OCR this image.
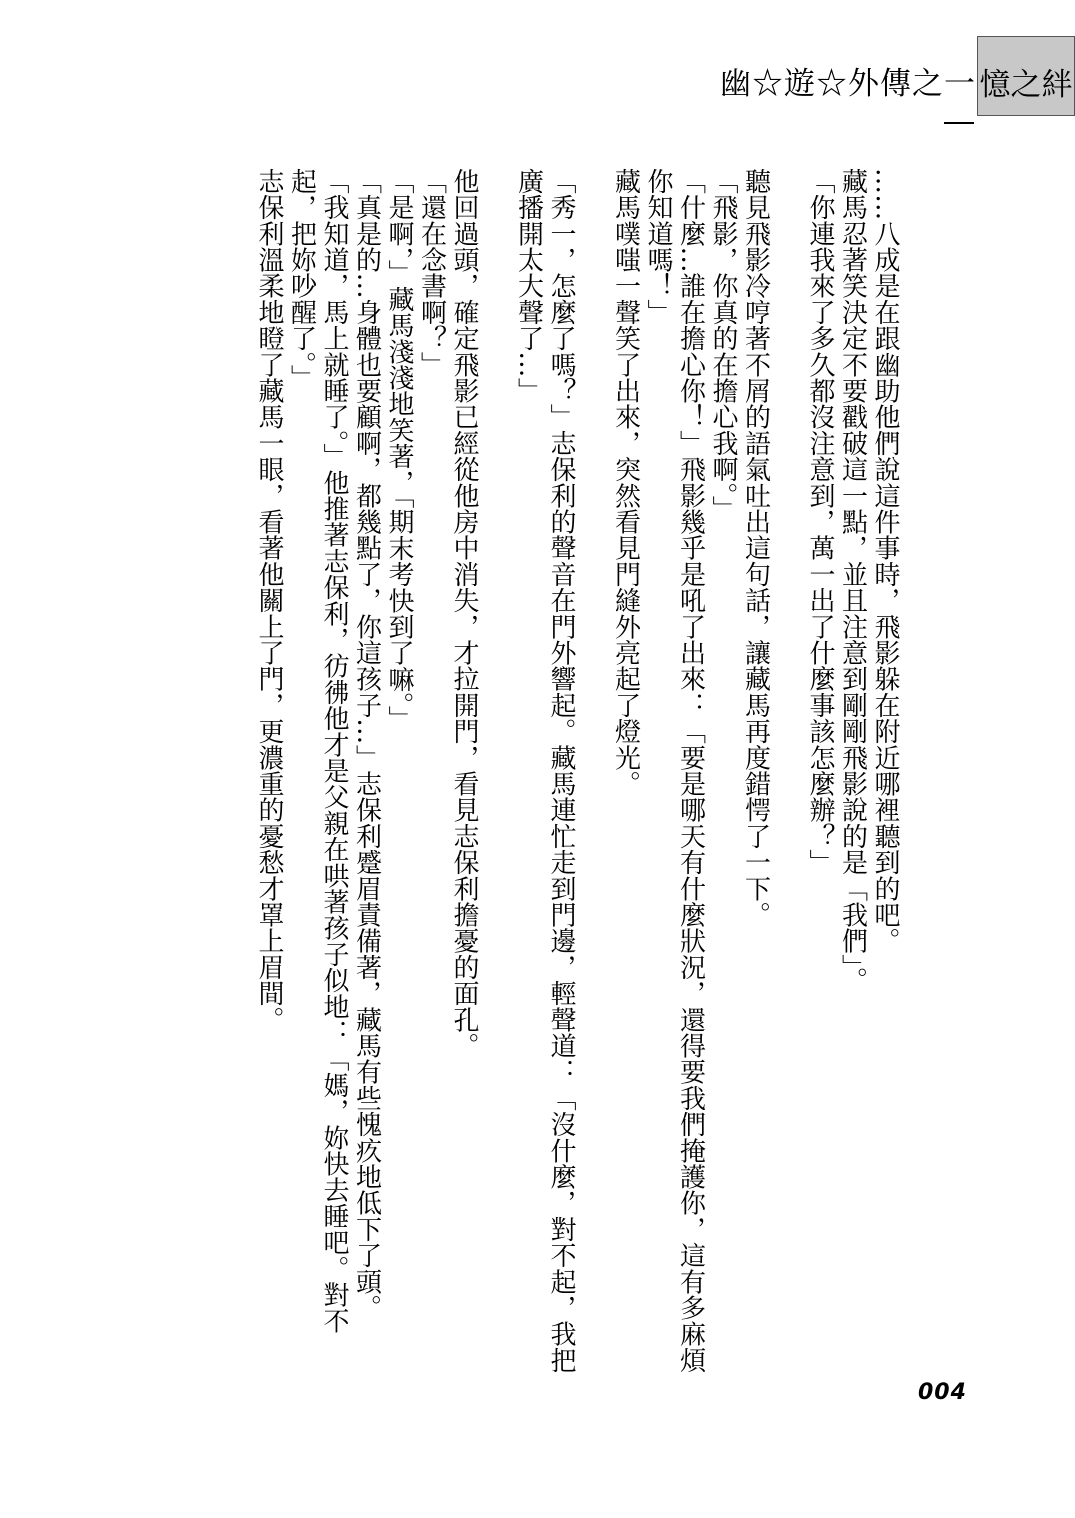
幽☆遊☆外傳之一 憶之絆

……八成是在跟幽助他們說這件事時，飛影躲在附近哪裡聽到的吧。

藏馬忍著笑決定不要戳破這一點，並且注意到剛剛飛影說的是「我們」。

「你連我來了多久都沒注意到，萬一出了什麼事該怎麼辦？」

聽見飛影冷哼著不屑的語氣吐出這句話，讓藏馬再度錯愕了一下。

「飛影，你真的在擔心我啊。」

「什麼…誰在擔心你！」飛影幾乎是吼了出來：「要是哪天有什麼狀況，還得要我們掩護你，這有多麻煩你知道嗎！」

藏馬噗嗤一聲笑了出來，突然看見門縫外亮起了燈光。

「秀一，怎麼了嗎？」志保利的聲音在門外響起。藏馬連忙走到門邊，輕聲道：「沒什麼，對不起，我把廣播開太大聲了…」

他回過頭，確定飛影已經從他房中消失，才拉開門，看見志保利擔憂的面孔。

「還在念書啊？」

「是啊，」藏馬淺淺地笑著，「期末考快到了嘛。」

「真是的…身體也要顧啊，都幾點了，你這孩子…」志保利蹙眉責備著，藏馬有些愧疚地低下了頭。

「我知道，馬上就睡了。」他推著志保利，彷彿他才是父親在哄著孩子似地：「媽，妳快去睡吧。對不起，把妳吵醒了。」

志保利溫柔地瞪了藏馬一眼，看著他關上了門，更濃重的憂愁才罩上眉間。

004
